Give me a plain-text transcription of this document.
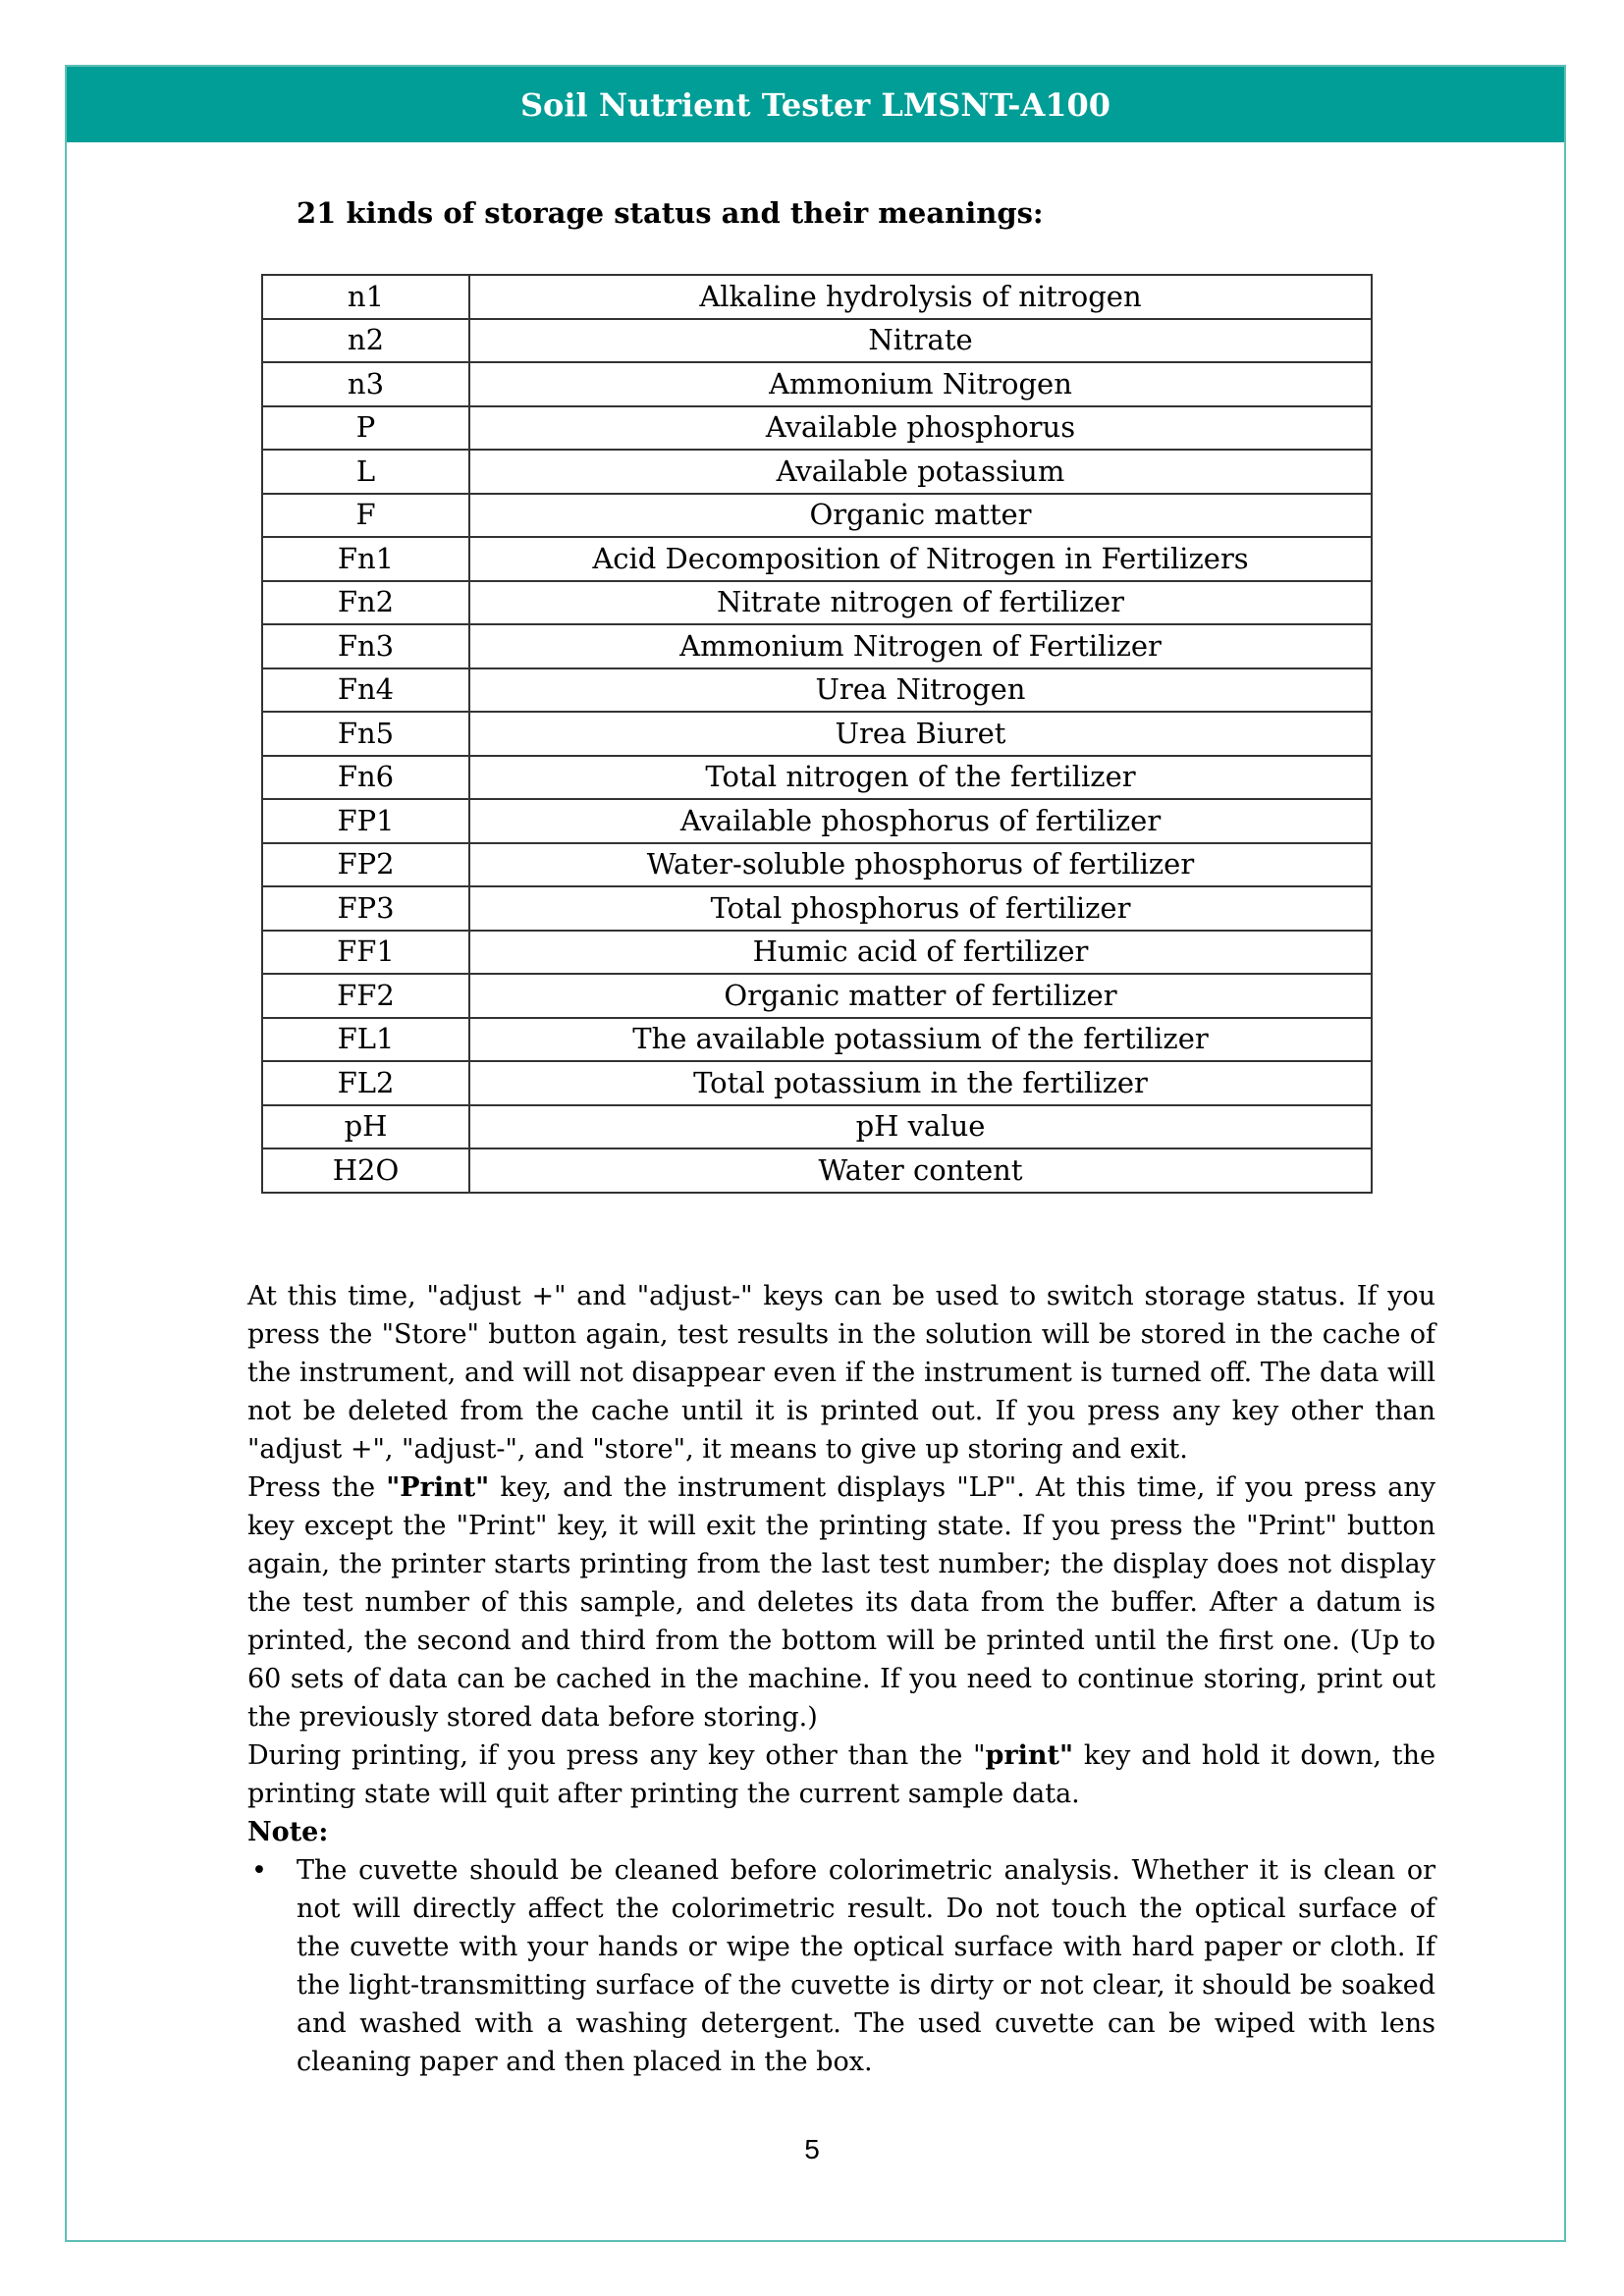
Soil Nutrient Tester LMSNT-A100
21 kinds of storage status and their meanings:
n1	Alkaline hydrolysis of nitrogen
n2	Nitrate
n3	Ammonium Nitrogen
P	Available phosphorus
L	Available potassium
F	Organic matter
Fn1	Acid Decomposition of Nitrogen in Fertilizers
Fn2	Nitrate nitrogen of fertilizer
Fn3	Ammonium Nitrogen of Fertilizer
Fn4	Urea Nitrogen
Fn5	Urea Biuret
Fn6	Total nitrogen of the fertilizer
FP1	Available phosphorus of fertilizer
FP2	Water-soluble phosphorus of fertilizer
FP3	Total phosphorus of fertilizer
FF1	Humic acid of fertilizer
FF2	Organic matter of fertilizer
FL1	The available potassium of the fertilizer
FL2	Total potassium in the fertilizer
pH	pH value
H2O	Water content

At this time, "adjust +" and "adjust-" keys can be used to switch storage status. If you press the "Store" button again, test results in the solution will be stored in the cache of the instrument, and will not disappear even if the instrument is turned off. The data will not be deleted from the cache until it is printed out. If you press any key other than "adjust +", "adjust-", and "store", it means to give up storing and exit.

Press the "Print" key, and the instrument displays "LP". At this time, if you press any key except the "Print" key, it will exit the printing state. If you press the "Print" button again, the printer starts printing from the last test number; the display does not display the test number of this sample, and deletes its data from the buffer. After a datum is printed, the second and third from the bottom will be printed until the first one. (Up to 60 sets of data can be cached in the machine. If you need to continue storing, print out the previously stored data before storing.)

During printing, if you press any key other than the "print" key and hold it down, the printing state will quit after printing the current sample data.

Note:

• The cuvette should be cleaned before colorimetric analysis. Whether it is clean or not will directly affect the colorimetric result. Do not touch the optical surface of the cuvette with your hands or wipe the optical surface with hard paper or cloth. If the light-transmitting surface of the cuvette is dirty or not clear, it should be soaked and washed with a washing detergent. The used cuvette can be wiped with lens cleaning paper and then placed in the box.
5
